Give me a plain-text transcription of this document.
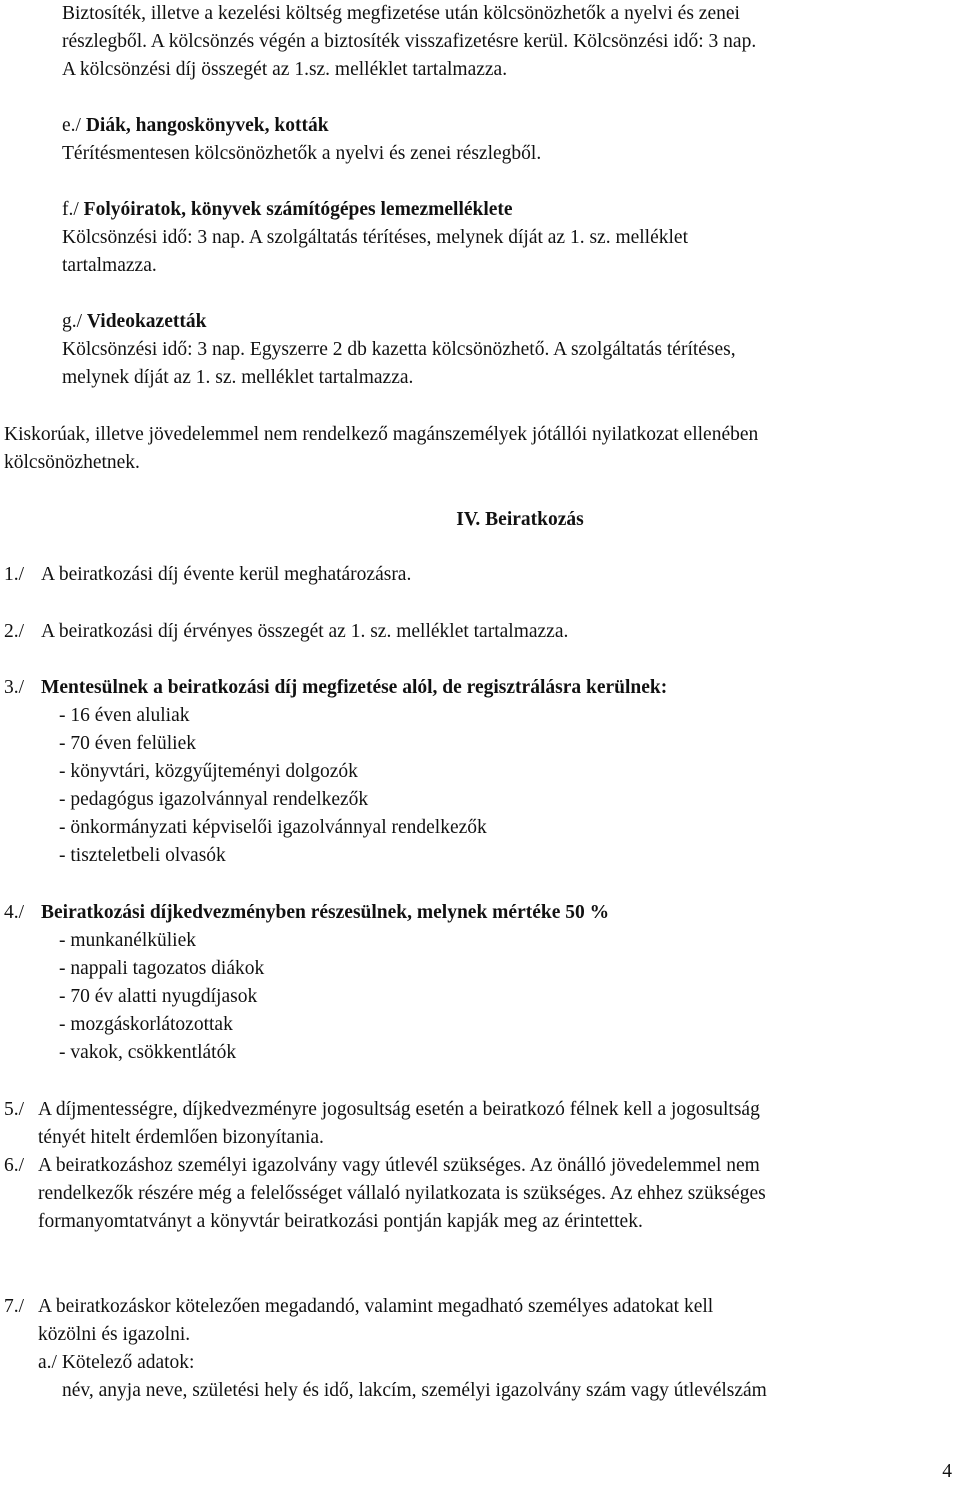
Biztosíték, illetve a kezelési költség megfizetése után kölcsönözhetők a nyelvi és zenei
részlegből. A kölcsönzés végén a biztosíték visszafizetésre kerül. Kölcsönzési idő: 3 nap.
A kölcsönzési díj összegét az 1.sz. melléklet tartalmazza.
e./ Diák, hangoskönyvek, kották
Térítésmentesen kölcsönözhetők a nyelvi és zenei részlegből.
f./ Folyóiratok, könyvek számítógépes lemezmelléklete
Kölcsönzési idő: 3 nap. A szolgáltatás térítéses, melynek díját az 1. sz. melléklet
tartalmazza.
g./ Videokazetták
Kölcsönzési idő: 3 nap. Egyszerre 2 db kazetta kölcsönözhető. A szolgáltatás térítéses,
melynek díját az 1. sz. melléklet tartalmazza.
Kiskorúak, illetve jövedelemmel nem rendelkező magánszemélyek jótállói nyilatkozat ellenében
kölcsönözhetnek.
IV. Beiratkozás
1./ A beiratkozási díj évente kerül meghatározásra.
2./ A beiratkozási díj érvényes összegét az 1. sz. melléklet tartalmazza.
3./ Mentesülnek a beiratkozási díj megfizetése alól, de regisztrálásra kerülnek:
- 16 éven aluliak
- 70 éven felüliek
- könyvtári, közgyűjteményi dolgozók
- pedagógus igazolvánnyal rendelkezők
- önkormányzati képviselői igazolvánnyal rendelkezők
- tiszteletbeli olvasók
4./ Beiratkozási díjkedvezményben részesülnek, melynek mértéke 50 %
- munkanélküliek
- nappali tagozatos diákok
- 70 év alatti nyugdíjasok
- mozgáskorlátozottak
- vakok, csökkentlátók
5./ A díjmentességre, díjkedvezményre jogosultság esetén a beiratkozó félnek kell a jogosultság
tényét hitelt érdemlően bizonyítania.
6./ A beiratkozáshoz személyi igazolvány vagy útlevél szükséges. Az önálló jövedelemmel nem
rendelkezők részére még a felelősséget vállaló nyilatkozata is szükséges. Az ehhez szükséges
formanyomtatványt a könyvtár beiratkozási pontján kapják meg az érintettek.
7./ A beiratkozáskor kötelezően megadandó, valamint megadható személyes adatokat kell
közölni és igazolni.
a./ Kötelező adatok:
név, anyja neve, születési hely és idő, lakcím, személyi igazolvány szám vagy útlevélszám
4
